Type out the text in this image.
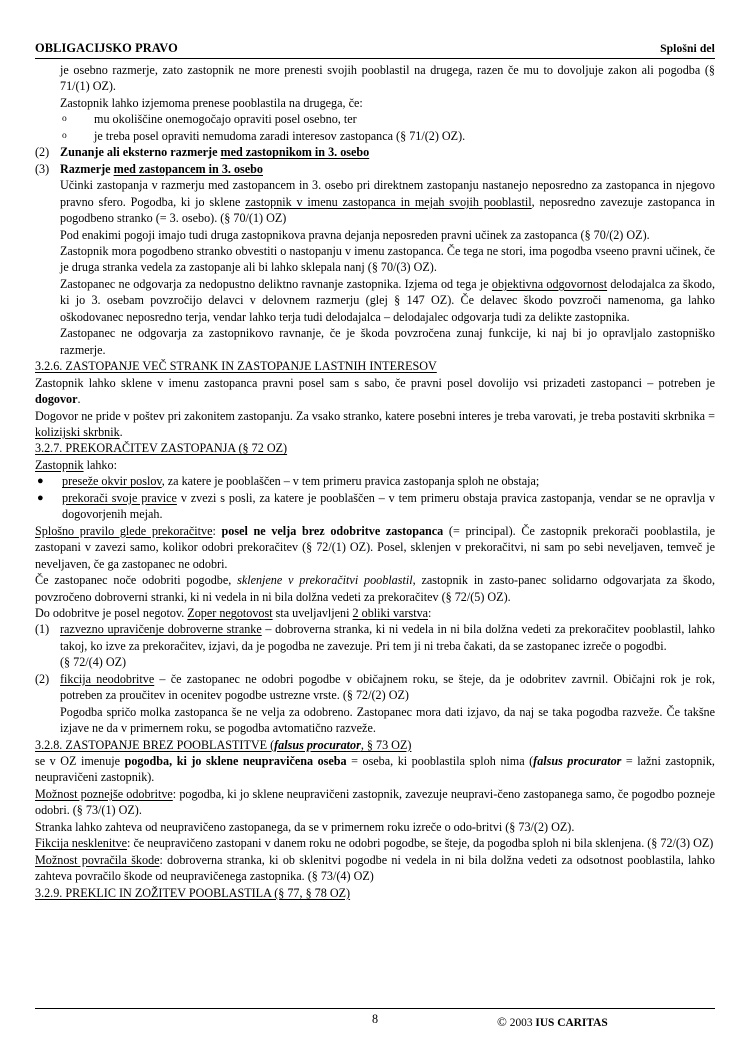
OBLIGACIJSKO PRAVO	Splošni del

je osebno razmerje, zato zastopnik ne more prenesti svojih pooblastil na drugega, razen če mu to dovoljuje zakon ali pogodba (§ 71/(1) OZ).

Zastopnik lahko izjemoma prenese pooblastila na drugega, če:

o	mu okoliščine onemogočajo opraviti posel osebno, ter
o	je treba posel opraviti nemudoma zaradi interesov zastopanca (§ 71/(2) OZ).
(2) Zunanje ali eksterno razmerje med zastopnikom in 3. osebo
(3) Razmerje med zastopancem in 3. osebo

Učinki zastopanja v razmerju med zastopancem in 3. osebo pri direktnem zastopanju nastanejo neposredno za zastopanca in njegovo pravno sfero. Pogodba, ki jo sklene zastopnik v imenu zastopanca in mejah svojih pooblastil, neposredno zavezuje zastopanca in pogodbeno stranko (= 3. osebo). (§ 70/(1) OZ)

Pod enakimi pogoji imajo tudi druga zastopnikova pravna dejanja neposreden pravni učinek za zastopanca (§ 70/(2) OZ).

Zastopnik mora pogodbeno stranko obvestiti o nastopanju v imenu zastopanca. Če tega ne stori, ima pogodba vseeno pravni učinek, če je druga stranka vedela za zastopanje ali bi lahko sklepala nanj (§ 70/(3) OZ).

Zastopanec ne odgovarja za nedopustno deliktno ravnanje zastopnika. Izjema od tega je objektivna odgovornost delodajalca za škodo, ki jo 3. osebam povzročijo delavci v delovnem razmerju (glej § 147 OZ). Če delavec škodo povzroči namenoma, ga lahko oškodovanec neposredno terja, vendar lahko terja tudi delodajalca – delodajalec odgovarja tudi za delikte zastopnika.

Zastopanec ne odgovarja za zastopnikovo ravnanje, če je škoda povzročena zunaj funkcije, ki naj bi jo opravljalo zastopniško razmerje.

3.2.6. ZASTOPANJE VEČ STRANK IN ZASTOPANJE LASTNIH INTERESOV

Zastopnik lahko sklene v imenu zastopanca pravni posel sam s sabo, če pravni posel dovolijo vsi prizadeti zastopanci – potreben je dogovor.

Dogovor ne pride v poštev pri zakonitem zastopanju. Za vsako stranko, katere posebni interes je treba varovati, je treba postaviti skrbnika = kolizijski skrbnik.

3.2.7. PREKORAČITEV ZASTOPANJA (§ 72 OZ)

Zastopnik lahko:

●	preseže okvir poslov, za katere je pooblaščen – v tem primeru pravica zastopanja sploh ne obstaja;
●	prekorači svoje pravice v zvezi s posli, za katere je pooblaščen – v tem primeru obstaja pravica zastopanja, vendar se ne opravlja v dogovorjenih mejah.

Splošno pravilo glede prekoračitve: posel ne velja brez odobritve zastopanca (= principal). Če zastopnik prekorači pooblastila, je zastopani v zavezi samo, kolikor odobri prekoračitev (§ 72/(1) OZ). Posel, sklenjen v prekoračitvi, ni sam po sebi neveljaven, temveč je neveljaven, če ga zastopanec ne odobri.

Če zastopanec noče odobriti pogodbe, sklenjene v prekoračitvi pooblastil, zastopnik in zasto-panec solidarno odgovarjata za škodo, povzročeno dobroverni stranki, ki ni vedela in ni bila dolžna vedeti za prekoračitev (§ 72/(5) OZ).

Do odobritve je posel negotov. Zoper negotovost sta uveljavljeni 2 obliki varstva:

(1) razvezno upravičenje dobroverne stranke – dobroverna stranka, ki ni vedela in ni bila dolžna vedeti za prekoračitev pooblastil, lahko takoj, ko izve za prekoračitev, izjavi, da je pogodba ne zavezuje. Pri tem ji ni treba čakati, da se zastopanec izreče o pogodbi.

(§ 72/(4) OZ)

(2) fikcija neodobritve – če zastopanec ne odobri pogodbe v običajnem roku, se šteje, da je odobritev zavrnil. Običajni rok je rok, potreben za proučitev in ocenitev pogodbe ustrezne vrste. (§ 72/(2) OZ)

Pogodba spričo molka zastopanca še ne velja za odobreno. Zastopanec mora dati izjavo, da naj se taka pogodba razveže. Če takšne izjave ne da v primernem roku, se pogodba avtomatično razveže.

3.2.8. ZASTOPANJE BREZ POOBLASTITVE (falsus procurator, § 73 OZ)

se v OZ imenuje pogodba, ki jo sklene neupravičena oseba = oseba, ki pooblastila sploh nima (falsus procurator = lažni zastopnik, neupravičeni zastopnik).

Možnost poznejše odobritve: pogodba, ki jo sklene neupravičeni zastopnik, zavezuje neupravi-čeno zastopanega samo, če pogodbo pozneje odobri. (§ 73/(1) OZ).

Stranka lahko zahteva od neupravičeno zastopanega, da se v primernem roku izreče o odo-britvi (§ 73/(2) OZ).

Fikcija nesklenitve: če neupravičeno zastopani v danem roku ne odobri pogodbe, se šteje, da pogodba sploh ni bila sklenjena. (§ 72/(3) OZ)

Možnost povračila škode: dobroverna stranka, ki ob sklenitvi pogodbe ni vedela in ni bila dolžna vedeti za odsotnost pooblastila, lahko zahteva povračilo škode od neupravičenega zastopnika. (§ 73/(4) OZ)

3.2.9. PREKLIC IN ZOŽITEV POOBLASTILA (§ 77, § 78 OZ)

8	© 2003 IUS CARITAS
